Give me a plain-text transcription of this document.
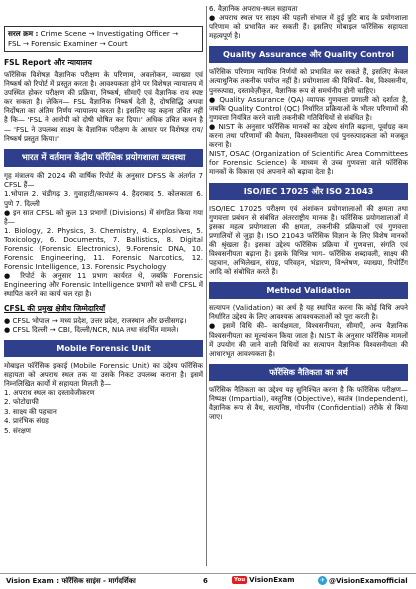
सरल क्रम : Crime Scene → Investigating Officer →

FSL → Forensic Examiner → Court

FSL Report और न्यायालय

फॉरेंसिक विशेषज्ञ वैज्ञानिक परीक्षण के परिणाम, अवलोकन, व्याख्या एवं निष्कर्ष को रिपोर्ट में प्रस्तुत करता है। आवश्यकता होने पर विशेषज्ञ न्यायालय में उपस्थित होकर परीक्षण की प्रक्रिया, निष्कर्ष, सीमाएँ एवं वैज्ञानिक राय स्पष्ट कर सकता है। लेकिन— FSL वैज्ञानिक निष्कर्ष देती है, दोषसिद्धि अथवा निर्दोषता का अंतिम निर्णय न्यायालय करता है। इसलिए यह कहना उचित नहीं है कि— 'FSL ने आरोपी को दोषी घोषित कर दिया।' अधिक उचित कथन है— 'FSL ने उपलब्ध साक्ष्य के वैज्ञानिक परीक्षण के आधार पर विशेषज्ञ राय/निष्कर्ष प्रस्तुत किया।'

भारत में वर्तमान केंद्रीय फॉरेंसिक प्रयोगशाला व्यवस्था

गृह मंत्रालय की 2024 की वार्षिक रिपोर्ट के अनुसार DFSS के अंतर्गत 7 CFSL हैं—

1.भोपाल 2. चंडीगढ़ 3. गुवाहाटी/कामरूप 4. हैदराबाद 5. कोलकाता 6. पुणे 7. दिल्ली

● इन सात CFSL को कुल 13 प्रभागों (Divisions) में संगठित किया गया है—

1. Biology, 2. Physics, 3. Chemistry, 4. Explosives, 5. Toxicology, 6. Documents, 7. Ballistics, 8. Digital Forensic (Forensic Electronics), 9.Forensic DNA, 10. Forensic Engineering, 11. Forensic Narcotics, 12. Forensic Intelligence, 13. Forensic Psychology

● रिपोर्ट के अनुसार 11 प्रभाग कार्यरत थे, जबकि Forensic Engineering और Forensic Intelligence प्रभागों को सभी CFSL में स्थापित करने का कार्य चल रहा है।

CFSL की प्रमुख क्षेत्रीय जिम्मेदारियाँ

● CFSL भोपाल → मध्य प्रदेश, उत्तर प्रदेश, राजस्थान और छत्तीसगढ़।

● CFSL दिल्ली → CBI, दिल्ली/NCR, NIA तथा संदर्भित मामले।

Mobile Forensic Unit

मोबाइल फॉरेंसिक इकाई (Mobile Forensic Unit) का उद्देश्य फॉरेंसिक सहायता को अपराध स्थल तक या उसके निकट उपलब्ध कराना है। इसमें निम्नलिखित कार्यों में सहायता मिलती है—

1. अपराध स्थल का दस्तावेजीकरण

2. फोटोग्राफी

3. साक्ष्य की पहचान

4. प्रारंभिक संग्रह

5. संरक्षण

6. वैज्ञानिक अपराध-स्थल सहायता

● अपराध स्थल पर साक्ष्य की पहली संभाल में हुई त्रुटि बाद के प्रयोगशाला परिणाम को प्रभावित कर सकती हैं। इसलिए मोबाइल फॉरेंसिक सहायता महत्वपूर्ण है।

Quality Assurance और Quality Control

फॉरेंसिक परिणाम न्यायिक निर्णयों को प्रभावित कर सकते हैं, इसलिए केवल अत्याधुनिक तकनीक पर्याप्त नहीं है। प्रयोगशाला की विधियाँ– वैध, विश्वसनीय, पुनरुत्पाद्य, दस्तावेज़ीकृत, वैज्ञानिक रूप से समर्थनीय होनी चाहिए।

● Quality Assurance (QA) व्यापक गुणवत्ता प्रणाली को दर्शाता है, जबकि Quality Control (QC) निर्धारित प्रक्रियाओं के भीतर परिणामों की गुणवत्ता नियंत्रित करने वाली तकनीकी गतिविधियों से संबंधित है।

● NIST के अनुसार फॉरेंसिक मानकों का उद्देश्य संगति बढ़ाना, पूर्वाग्रह कम करना तथा परिणामों की वैधता, विश्वसनीयता एवं पुनरुत्पादकता को मजबूत करना है।

NIST, OSAC (Organization of Scientific Area Committees for Forensic Science) के माध्यम से उच्च गुणवत्ता वाले फॉरेंसिक मानकों के विकास एवं अपनाने को बढ़ावा देता है।

ISO/IEC 17025 और ISO 21043

ISO/IEC 17025 परीक्षण एवं अंशांकन प्रयोगशालाओं की क्षमता तथा गुणवत्ता प्रबंधन से संबंधित अंतरराष्ट्रीय मानक है। फॉरेंसिक प्रयोगशालाओं में इसका महत्व प्रयोगशाला की क्षमता, तकनीकी प्रक्रियाओं एवं गुणवत्ता प्रणालियों से जुड़ा है। ISO 21043 फॉरेंसिक विज्ञान के लिए विशेष मानकों की श्रृंखला है। इसका उद्देश्य फॉरेंसिक प्रक्रिया में गुणवत्ता, संगति एवं विश्वसनीयता बढ़ाना है। इसके विभिन्न भाग– फॉरेंसिक शब्दावली, साक्ष्य की पहचान, अभिलेखन, संग्रह, परिवहन, भंडारण, विश्लेषण, व्याख्या, रिपोर्टिंग आदि को संबोधित करते हैं।

Method Validation

सत्यापन (Validation) का अर्थ है यह स्थापित करना कि कोई विधि अपने निर्धारित उद्देश्य के लिए आवश्यक आवश्यकताओं को पूरा करती है।

● इसमें विधि की– कार्यक्षमता, विश्वसनीयता, सीमाएँ, अन्य वैज्ञानिक विश्वसनीयता का मूल्यांकन किया जाता है। NIST के अनुसार फॉरेंसिक मामलों में उपयोग की जाने वाली विधियों का सत्यापन वैज्ञानिक विश्वसनीयता की आधारभूत आवश्यकता है।

फॉरेंसिक नैतिकता का अर्थ

फॉरेंसिक नैतिकता का उद्देश्य यह सुनिश्चित करना है कि फॉरेंसिक परीक्षण— निष्पक्ष (Impartial), वस्तुनिष्ठ (Objective), स्वतंत्र (Independent), वैज्ञानिक रूप से वैध, सत्यनिष्ठ, गोपनीय (Confidential) तरीके से किया जाए।

Vision Exam : फॉरेंसिक साइंस - मार्गदर्शिका	6	You VisionExam	✈ @VisionExamofficial
